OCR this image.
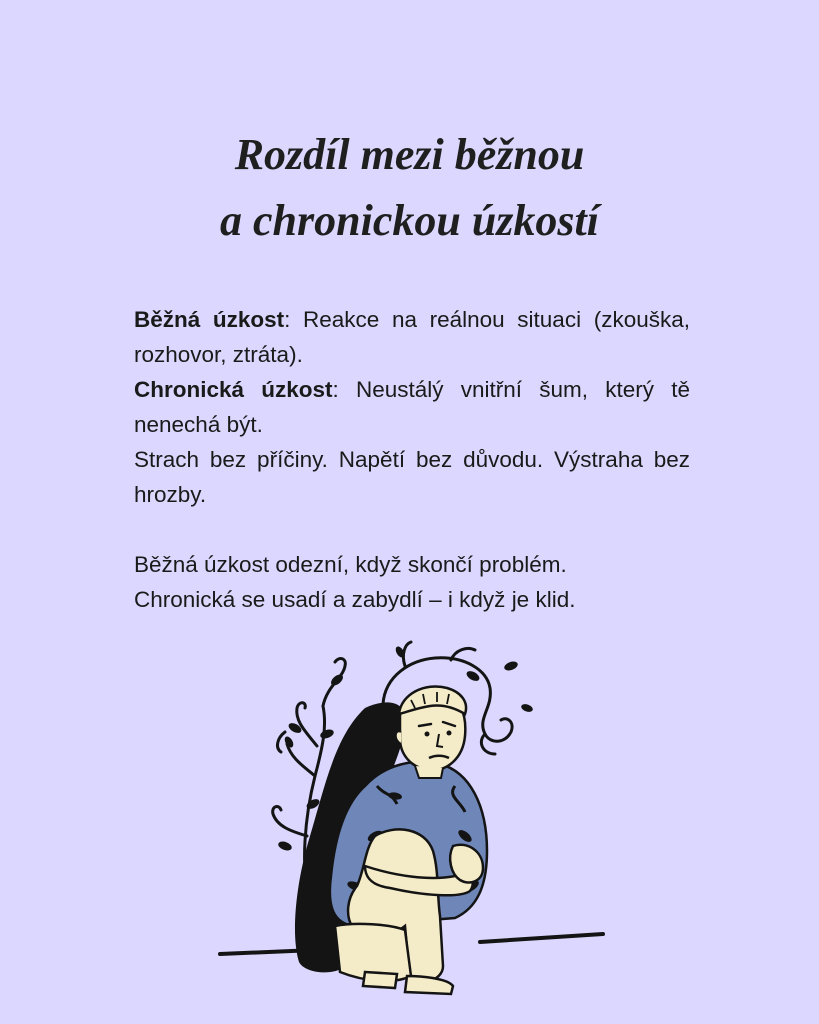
Rozdíl mezi běžnou
a chronickou úzkostí

Běžná úzkost: Reakce na reálnou situaci (zkouška, rozhovor, ztráta).

Chronická úzkost: Neustálý vnitřní šum, který tě nenechá být.

Strach bez příčiny. Napětí bez důvodu. Výstraha bez hrozby.

Běžná úzkost odezní, když skončí problém.

Chronická se usadí a zabydlí – i když je klid.
